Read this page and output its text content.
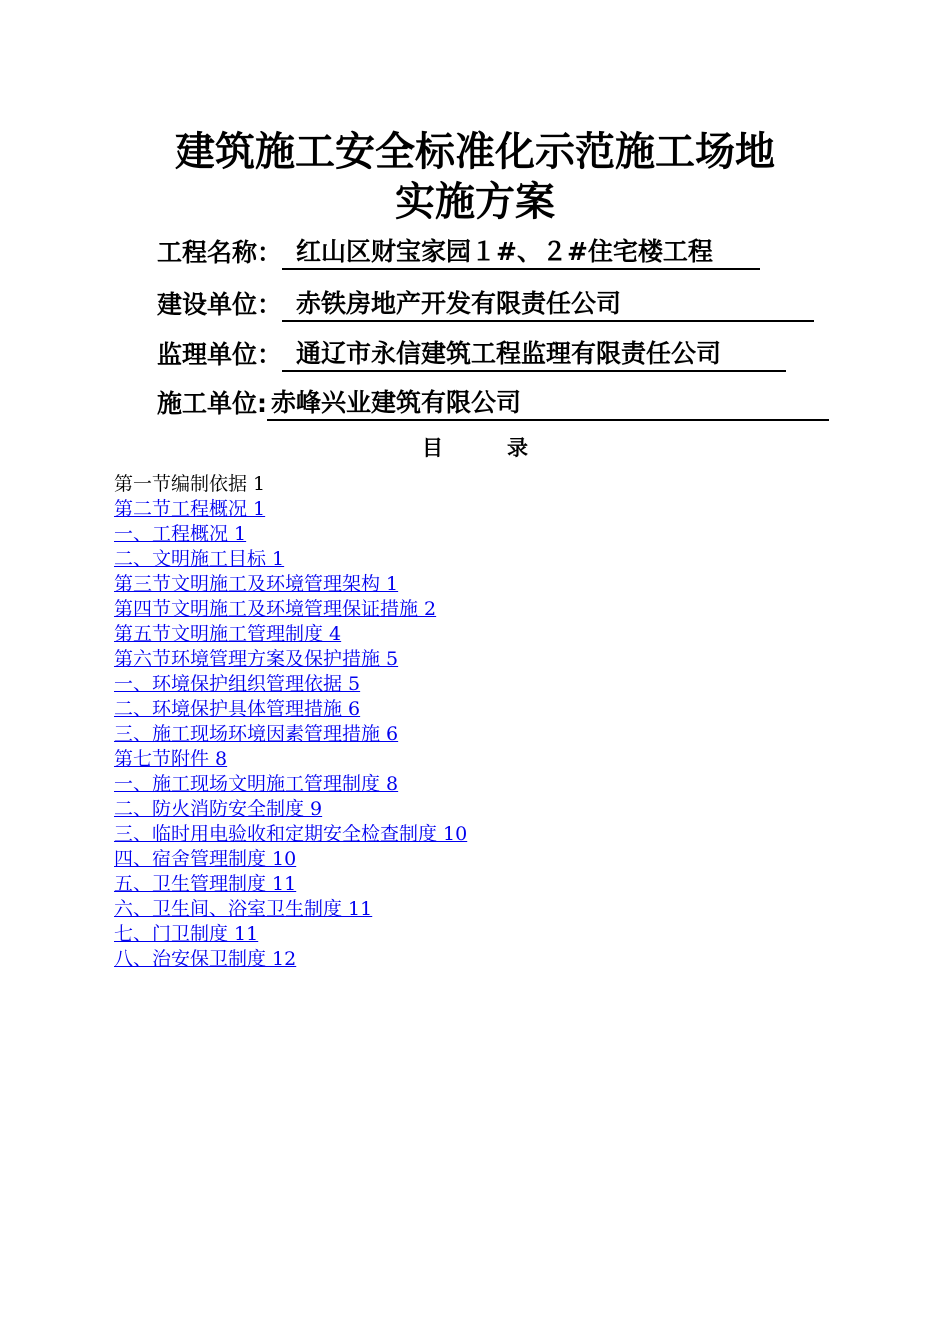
建筑施工安全标准化示范施工场地
实施方案
工程名称： 红山区财宝家园１#、２#住宅楼工程
建设单位： 赤铁房地产开发有限责任公司
监理单位： 通辽市永信建筑工程监理有限责任公司
施工单位: 赤峰兴业建筑有限公司
目	录
第一节编制依据 1
第二节工程概况 1
一、工程概况 1
二、文明施工目标 1
第三节文明施工及环境管理架构 1
第四节文明施工及环境管理保证措施 2
第五节文明施工管理制度 4
第六节环境管理方案及保护措施 5
一、环境保护组织管理依据 5
二、环境保护具体管理措施 6
三、施工现场环境因素管理措施 6
第七节附件 8
一、施工现场文明施工管理制度 8
二、防火消防安全制度 9
三、临时用电验收和定期安全检查制度 10
四、宿舍管理制度 10
五、卫生管理制度 11
六、卫生间、浴室卫生制度 11
七、门卫制度 11
八、治安保卫制度 12
